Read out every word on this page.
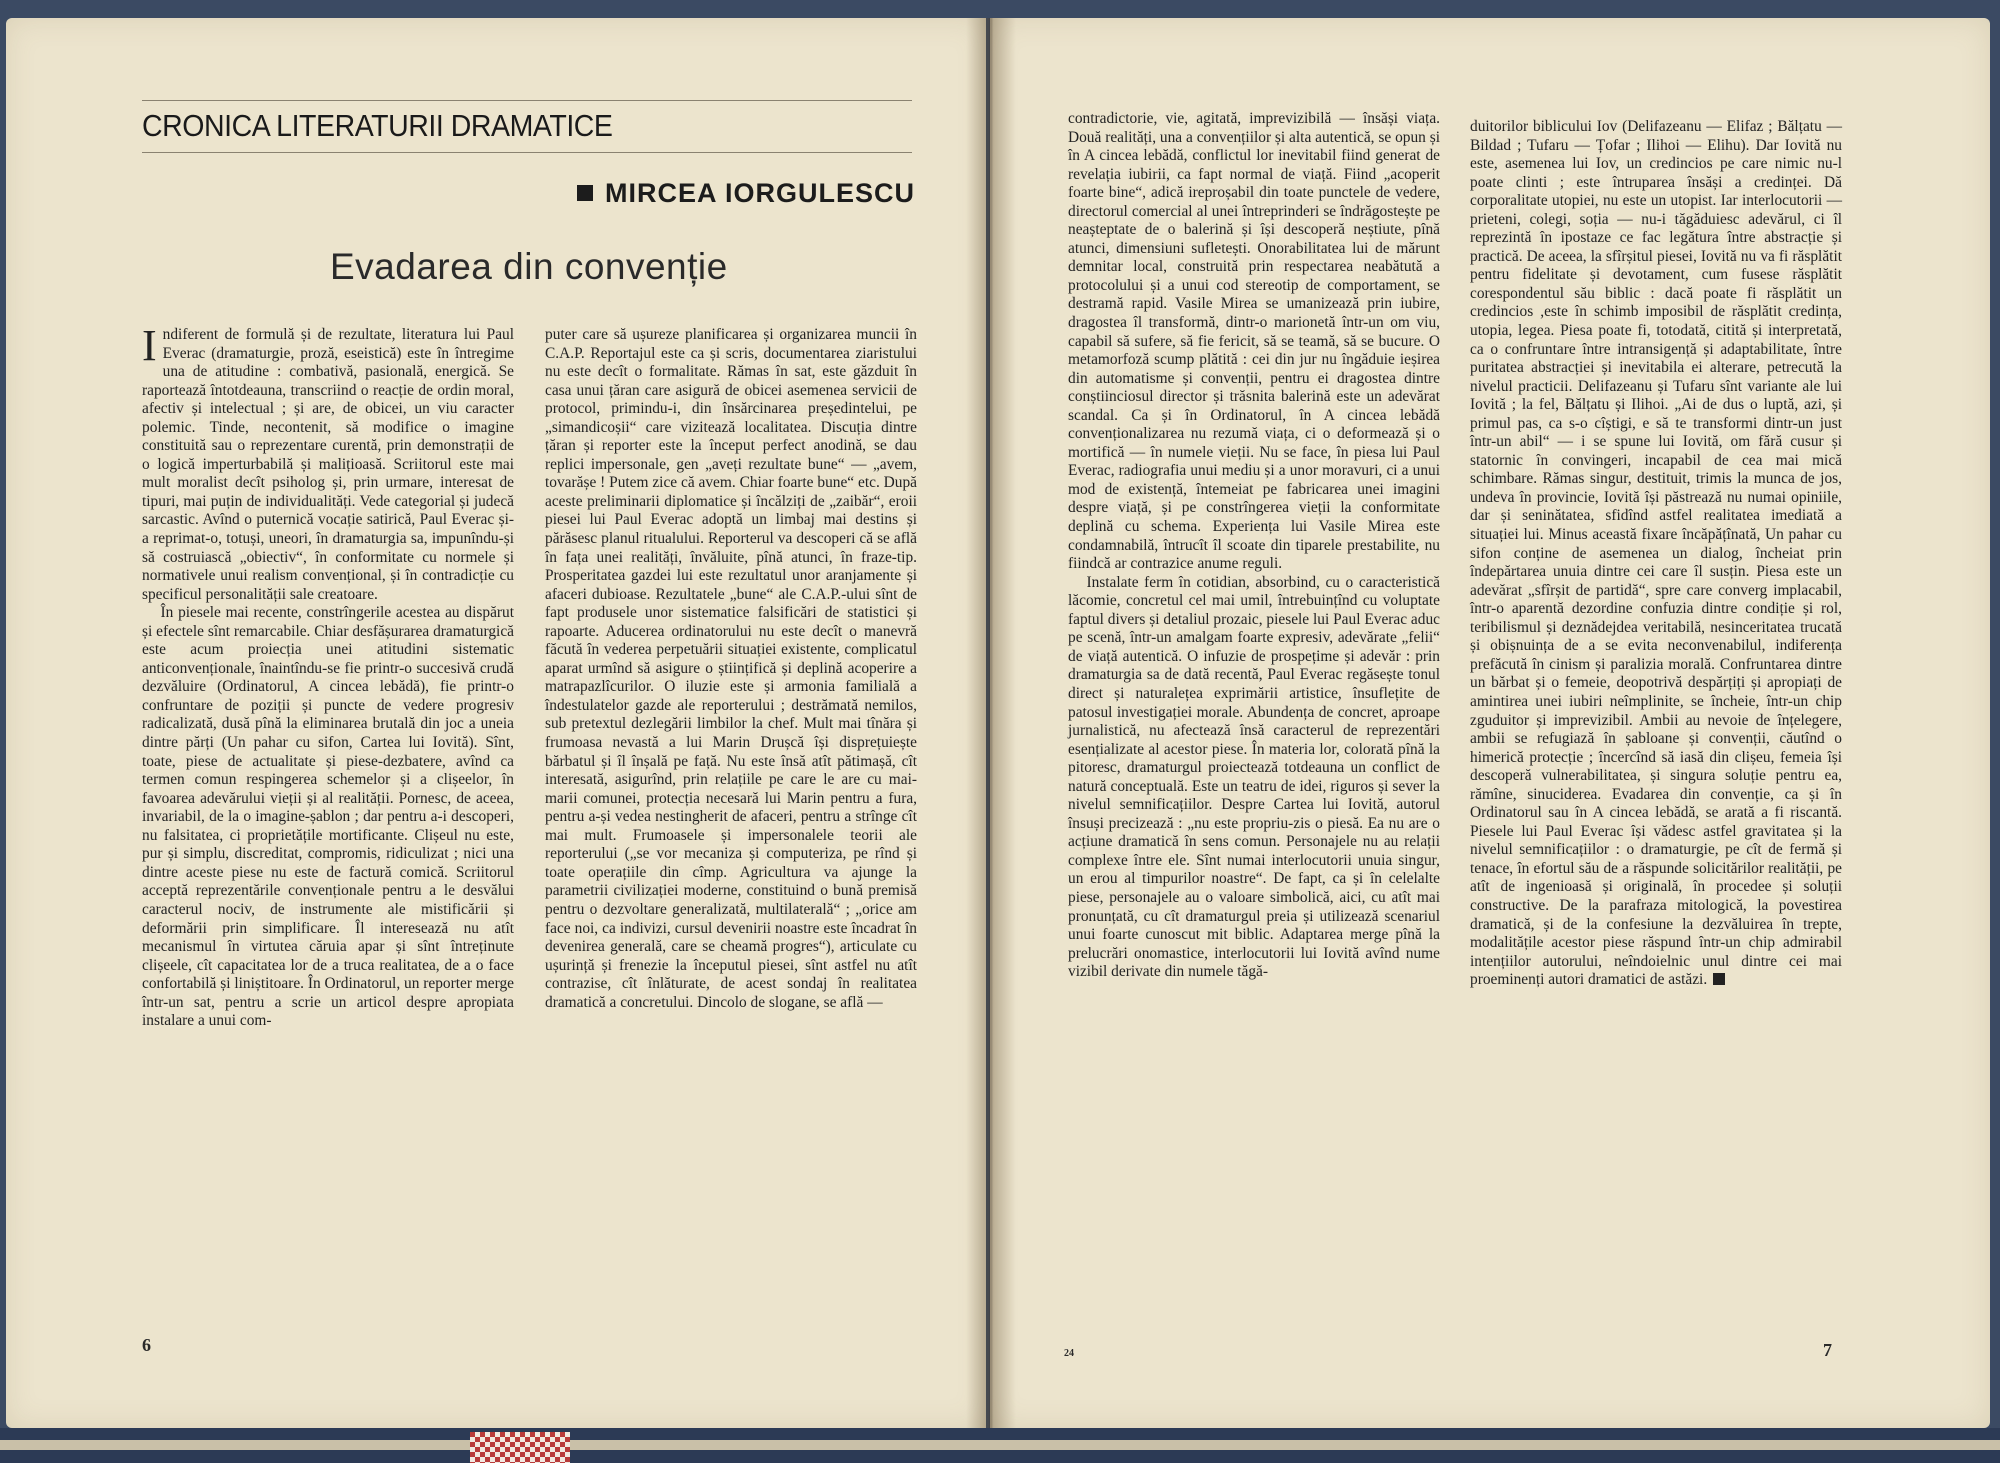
CRONICA LITERATURII DRAMATICE
MIRCEA IORGULESCU
Evadarea din convenție

Indiferent de formulă și de rezultate, literatura lui Paul Everac (dramaturgie, proză, eseistică) este în întregime una de atitudine : combativă, pasională, energică. Se raportează întotdeauna, transcriind o reacție de ordin moral, afectiv și intelectual ; și are, de obicei, un viu caracter polemic. Tinde, necontenit, să modifice o imagine constituită sau o reprezentare curentă, prin demonstrații de o logică imperturbabilă și malițioasă. Scriitorul este mai mult moralist decît psiholog și, prin urmare, interesat de tipuri, mai puțin de individualități. Vede categorial și judecă sarcastic. Avînd o puternică vocație satirică, Paul Everac și-a reprimat-o, totuși, uneori, în dramaturgia sa, impunîndu-și să costruiască „obiectiv“, în conformitate cu normele și normativele unui realism convențional, și în contradicție cu specificul personalității sale creatoare.

În piesele mai recente, constrîngerile acestea au dispărut și efectele sînt remarcabile. Chiar desfășurarea dramaturgică este acum proiecția unei atitudini sistematic anticonvenționale, înaintîndu-se fie printr-o succesivă crudă dezvăluire (Ordinatorul, A cincea lebădă), fie printr-o confruntare de poziții și puncte de vedere progresiv radicalizată, dusă pînă la eliminarea brutală din joc a uneia dintre părți (Un pahar cu sifon, Cartea lui Iovită). Sînt, toate, piese de actualitate și piese-dezbatere, avînd ca termen comun respingerea schemelor și a clișeelor, în favoarea adevărului vieții și al realității. Pornesc, de aceea, invariabil, de la o imagine-șablon ; dar pentru a-i descoperi, nu falsitatea, ci proprietățile mortificante. Clișeul nu este, pur și simplu, discreditat, compromis, ridiculizat ; nici una dintre aceste piese nu este de factură comică. Scriitorul acceptă reprezentările convenționale pentru a le desvălui caracterul nociv, de instrumente ale mistificării și deformării prin simplificare. Îl interesează nu atît mecanismul în virtutea căruia apar și sînt întreținute clișeele, cît capacitatea lor de a truca realitatea, de a o face confortabilă și liniștitoare. În Ordinatorul, un reporter merge într-un sat, pentru a scrie un articol despre apropiata instalare a unui com-

puter care să ușureze planificarea și organizarea muncii în C.A.P. Reportajul este ca și scris, documentarea ziaristului nu este decît o formalitate. Rămas în sat, este găzduit în casa unui țăran care asigură de obicei asemenea servicii de protocol, primindu-i, din însărcinarea președintelui, pe „simandicoșii“ care vizitează localitatea. Discuția dintre țăran și reporter este la început perfect anodină, se dau replici impersonale, gen „aveți rezultate bune“ — „avem, tovarășe ! Putem zice că avem. Chiar foarte bune“ etc. După aceste preliminarii diplomatice și încălziți de „zaibăr“, eroii piesei lui Paul Everac adoptă un limbaj mai destins și părăsesc planul ritualului. Reporterul va descoperi că se află în fața unei realități, învăluite, pînă atunci, în fraze-tip. Prosperitatea gazdei lui este rezultatul unor aranjamente și afaceri dubioase. Rezultatele „bune“ ale C.A.P.-ului sînt de fapt produsele unor sistematice falsificări de statistici și rapoarte. Aducerea ordinatorului nu este decît o manevră făcută în vederea perpetuării situației existente, complicatul aparat urmînd să asigure o științifică și deplină acoperire a matrapazlîcurilor. O iluzie este și armonia familială a îndestulatelor gazde ale reporterului ; destrămată nemilos, sub pretextul dezlegării limbilor la chef. Mult mai tînăra și frumoasa nevastă a lui Marin Drușcă își disprețuiește bărbatul și îl înșală pe față. Nu este însă atît pătimașă, cît interesată, asigurînd, prin relațiile pe care le are cu mai-marii comunei, protecția necesară lui Marin pentru a fura, pentru a-și vedea nestingherit de afaceri, pentru a strînge cît mai mult. Frumoasele și impersonalele teorii ale reporterului („se vor mecaniza și computeriza, pe rînd și toate operațiile din cîmp. Agricultura va ajunge la parametrii civilizației moderne, constituind o bună premisă pentru o dezvoltare generalizată, multilaterală“ ; „orice am face noi, ca indivizi, cursul devenirii noastre este încadrat în devenirea generală, care se cheamă progres“), articulate cu ușurință și frenezie la începutul piesei, sînt astfel nu atît contrazise, cît înlăturate, de acest sondaj în realitatea dramatică a concretului. Dincolo de slogane, se află —

contradictorie, vie, agitată, imprevizibilă — însăși viața. Două realități, una a convențiilor și alta autentică, se opun și în A cincea lebădă, conflictul lor inevitabil fiind generat de revelația iubirii, ca fapt normal de viață. Fiind „acoperit foarte bine“, adică ireproșabil din toate punctele de vedere, directorul comercial al unei întreprinderi se îndrăgostește pe neașteptate de o balerină și își descoperă neștiute, pînă atunci, dimensiuni sufletești. Onorabilitatea lui de mărunt demnitar local, construită prin respectarea neabătută a protocolului și a unui cod stereotip de comportament, se destramă rapid. Vasile Mirea se umanizează prin iubire, dragostea îl transformă, dintr-o marionetă într-un om viu, capabil să sufere, să fie fericit, să se teamă, să se bucure. O metamorfoză scump plătită : cei din jur nu îngăduie ieșirea din automatisme și convenții, pentru ei dragostea dintre conștiinciosul director și trăsnita balerină este un adevărat scandal. Ca și în Ordinatorul, în A cincea lebădă convenționalizarea nu rezumă viața, ci o deformează și o mortifică — în numele vieții. Nu se face, în piesa lui Paul Everac, radiografia unui mediu și a unor moravuri, ci a unui mod de existență, întemeiat pe fabricarea unei imagini despre viață, și pe constrîngerea vieții la conformitate deplină cu schema. Experiența lui Vasile Mirea este condamnabilă, întrucît îl scoate din tiparele prestabilite, nu fiindcă ar contrazice anume reguli.

Instalate ferm în cotidian, absorbind, cu o caracteristică lăcomie, concretul cel mai umil, întrebuințînd cu voluptate faptul divers și detaliul prozaic, piesele lui Paul Everac aduc pe scenă, într-un amalgam foarte expresiv, adevărate „felii“ de viață autentică. O infuzie de prospețime și adevăr : prin dramaturgia sa de dată recentă, Paul Everac regăsește tonul direct și naturalețea exprimării artistice, însuflețite de patosul investigației morale. Abundența de concret, aproape jurnalistică, nu afectează însă caracterul de reprezentări esențializate al acestor piese. În materia lor, colorată pînă la pitoresc, dramaturgul proiectează totdeauna un conflict de natură conceptuală. Este un teatru de idei, riguros și sever la nivelul semnificațiilor. Despre Cartea lui Iovită, autorul însuși precizează : „nu este propriu-zis o piesă. Ea nu are o acțiune dramatică în sens comun. Personajele nu au relații complexe între ele. Sînt numai interlocutorii unuia singur, un erou al timpurilor noastre“. De fapt, ca și în celelalte piese, personajele au o valoare simbolică, aici, cu atît mai pronunțată, cu cît dramaturgul preia și utilizează scenariul unui foarte cunoscut mit biblic. Adaptarea merge pînă la prelucrări onomastice, interlocutorii lui Iovită avînd nume vizibil derivate din numele tăgă-

duitorilor biblicului Iov (Delifazeanu — Elifaz ; Bălțatu — Bildad ; Tufaru — Țofar ; Ilihoi — Elihu). Dar Iovită nu este, asemenea lui Iov, un credincios pe care nimic nu-l poate clinti ; este întruparea însăși a credinței. Dă corporalitate utopiei, nu este un utopist. Iar interlocutorii — prieteni, colegi, soția — nu-i tăgăduiesc adevărul, ci îl reprezintă în ipostaze ce fac legătura între abstracție și practică. De aceea, la sfîrșitul piesei, Iovită nu va fi răsplătit pentru fidelitate și devotament, cum fusese răsplătit corespondentul său biblic : dacă poate fi răsplătit un credincios ,este în schimb imposibil de răsplătit credința, utopia, legea. Piesa poate fi, totodată, citită și interpretată, ca o confruntare între intransigență și adaptabilitate, între puritatea abstracției și inevitabila ei alterare, petrecută la nivelul practicii. Delifazeanu și Tufaru sînt variante ale lui Iovită ; la fel, Bălțatu și Ilihoi. „Ai de dus o luptă, azi, și primul pas, ca s-o cîștigi, e să te transformi dintr-un just într-un abil“ — i se spune lui Iovită, om fără cusur și statornic în convingeri, incapabil de cea mai mică schimbare. Rămas singur, destituit, trimis la munca de jos, undeva în provincie, Iovită își păstrează nu numai opiniile, dar și seninătatea, sfidînd astfel realitatea imediată a situației lui. Minus această fixare încăpățînată, Un pahar cu sifon conține de asemenea un dialog, încheiat prin îndepărtarea unuia dintre cei care îl susțin. Piesa este un adevărat „sfîrșit de partidă“, spre care converg implacabil, într-o aparentă dezordine confuzia dintre condiție și rol, teribilismul și deznădejdea veritabilă, nesinceritatea trucată și obișnuința de a se evita neconvenabilul, indiferența prefăcută în cinism și paralizia morală. Confruntarea dintre un bărbat și o femeie, deopotrivă despărțiți și apropiați de amintirea unei iubiri neîmplinite, se încheie, într-un chip zguduitor și imprevizibil. Ambii au nevoie de înțelegere, ambii se refugiază în șabloane și convenții, căutînd o himerică protecție ; încercînd să iasă din clișeu, femeia își descoperă vulnerabilitatea, și singura soluție pentru ea, rămîne, sinuciderea. Evadarea din convenție, ca și în Ordinatorul sau în A cincea lebădă, se arată a fi riscantă. Piesele lui Paul Everac își vădesc astfel gravitatea și la nivelul semnificațiilor : o dramaturgie, pe cît de fermă și tenace, în efortul său de a răspunde solicitărilor realității, pe atît de ingenioasă și originală, în procedee și soluții constructive. De la parafraza mitologică, la povestirea dramatică, și de la confesiune la dezvăluirea în trepte, modalitățile acestor piese răspund într-un chip admirabil intențiilor autorului, neîndoielnic unul dintre cei mai proeminenți autori dramatici de astăzi.

6	24	7
